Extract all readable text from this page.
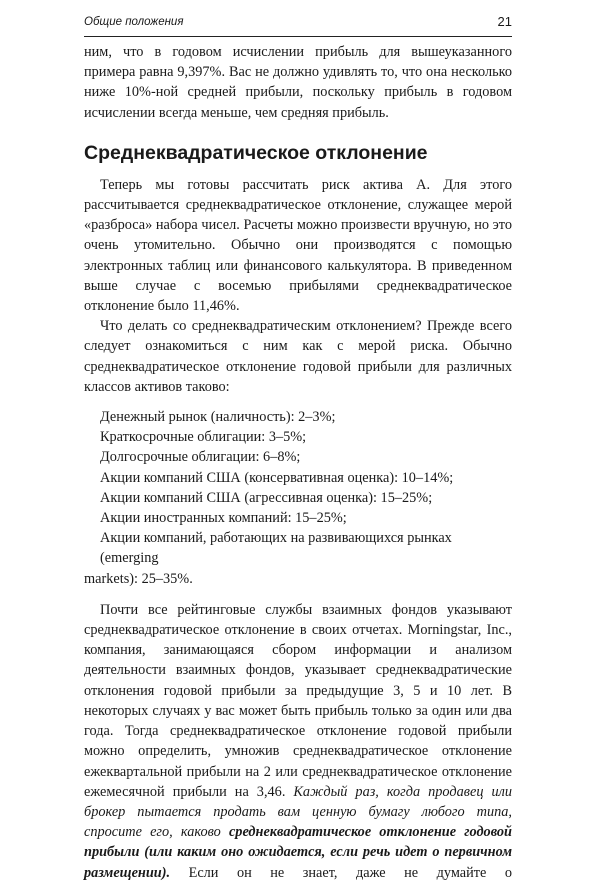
Общие положения	21

ним, что в годовом исчислении прибыль для вышеуказанного примера равна 9,397%. Вас не должно удивлять то, что она несколько ниже 10%-ной средней прибыли, поскольку прибыль в годовом исчислении всегда меньше, чем средняя прибыль.

Среднеквадратическое отклонение

Теперь мы готовы рассчитать риск актива А. Для этого рассчитывается среднеквадратическое отклонение, служащее мерой «разброса» набора чисел. Расчеты можно произвести вручную, но это очень утомительно. Обычно они производятся с помощью электронных таблиц или финансового калькулятора. В приведенном выше случае с восемью прибылями среднеквадратическое отклонение было 11,46%.

Что делать со среднеквадратическим отклонением? Прежде всего следует ознакомиться с ним как с мерой риска. Обычно среднеквадратическое отклонение годовой прибыли для различных классов активов таково:

Денежный рынок (наличность): 2–3%;
Краткосрочные облигации: 3–5%;
Долгосрочные облигации: 6–8%;
Акции компаний США (консервативная оценка): 10–14%;
Акции компаний США (агрессивная оценка): 15–25%;
Акции иностранных компаний: 15–25%;
Акции компаний, работающих на развивающихся рынках (emerging
markets): 25–35%.

Почти все рейтинговые службы взаимных фондов указывают среднеквадратическое отклонение в своих отчетах. Morningstar, Inc., компания, занимающаяся сбором информации и анализом деятельности взаимных фондов, указывает среднеквадратические отклонения годовой прибыли за предыдущие 3, 5 и 10 лет. В некоторых случаях у вас может быть прибыль только за один или два года. Тогда среднеквадратическое отклонение годовой прибыли можно определить, умножив среднеквадратическое отклонение ежеквартальной прибыли на 2 или среднеквадратическое отклонение ежемесячной прибыли на 3,46. Каждый раз, когда продавец или брокер пытается продать вам ценную бумагу любого типа, спросите его, каково среднеквадратическое отклонение годовой прибыли (или каким оно ожидается, если речь идет о первичном размещении). Если он не знает, даже не думайте о
